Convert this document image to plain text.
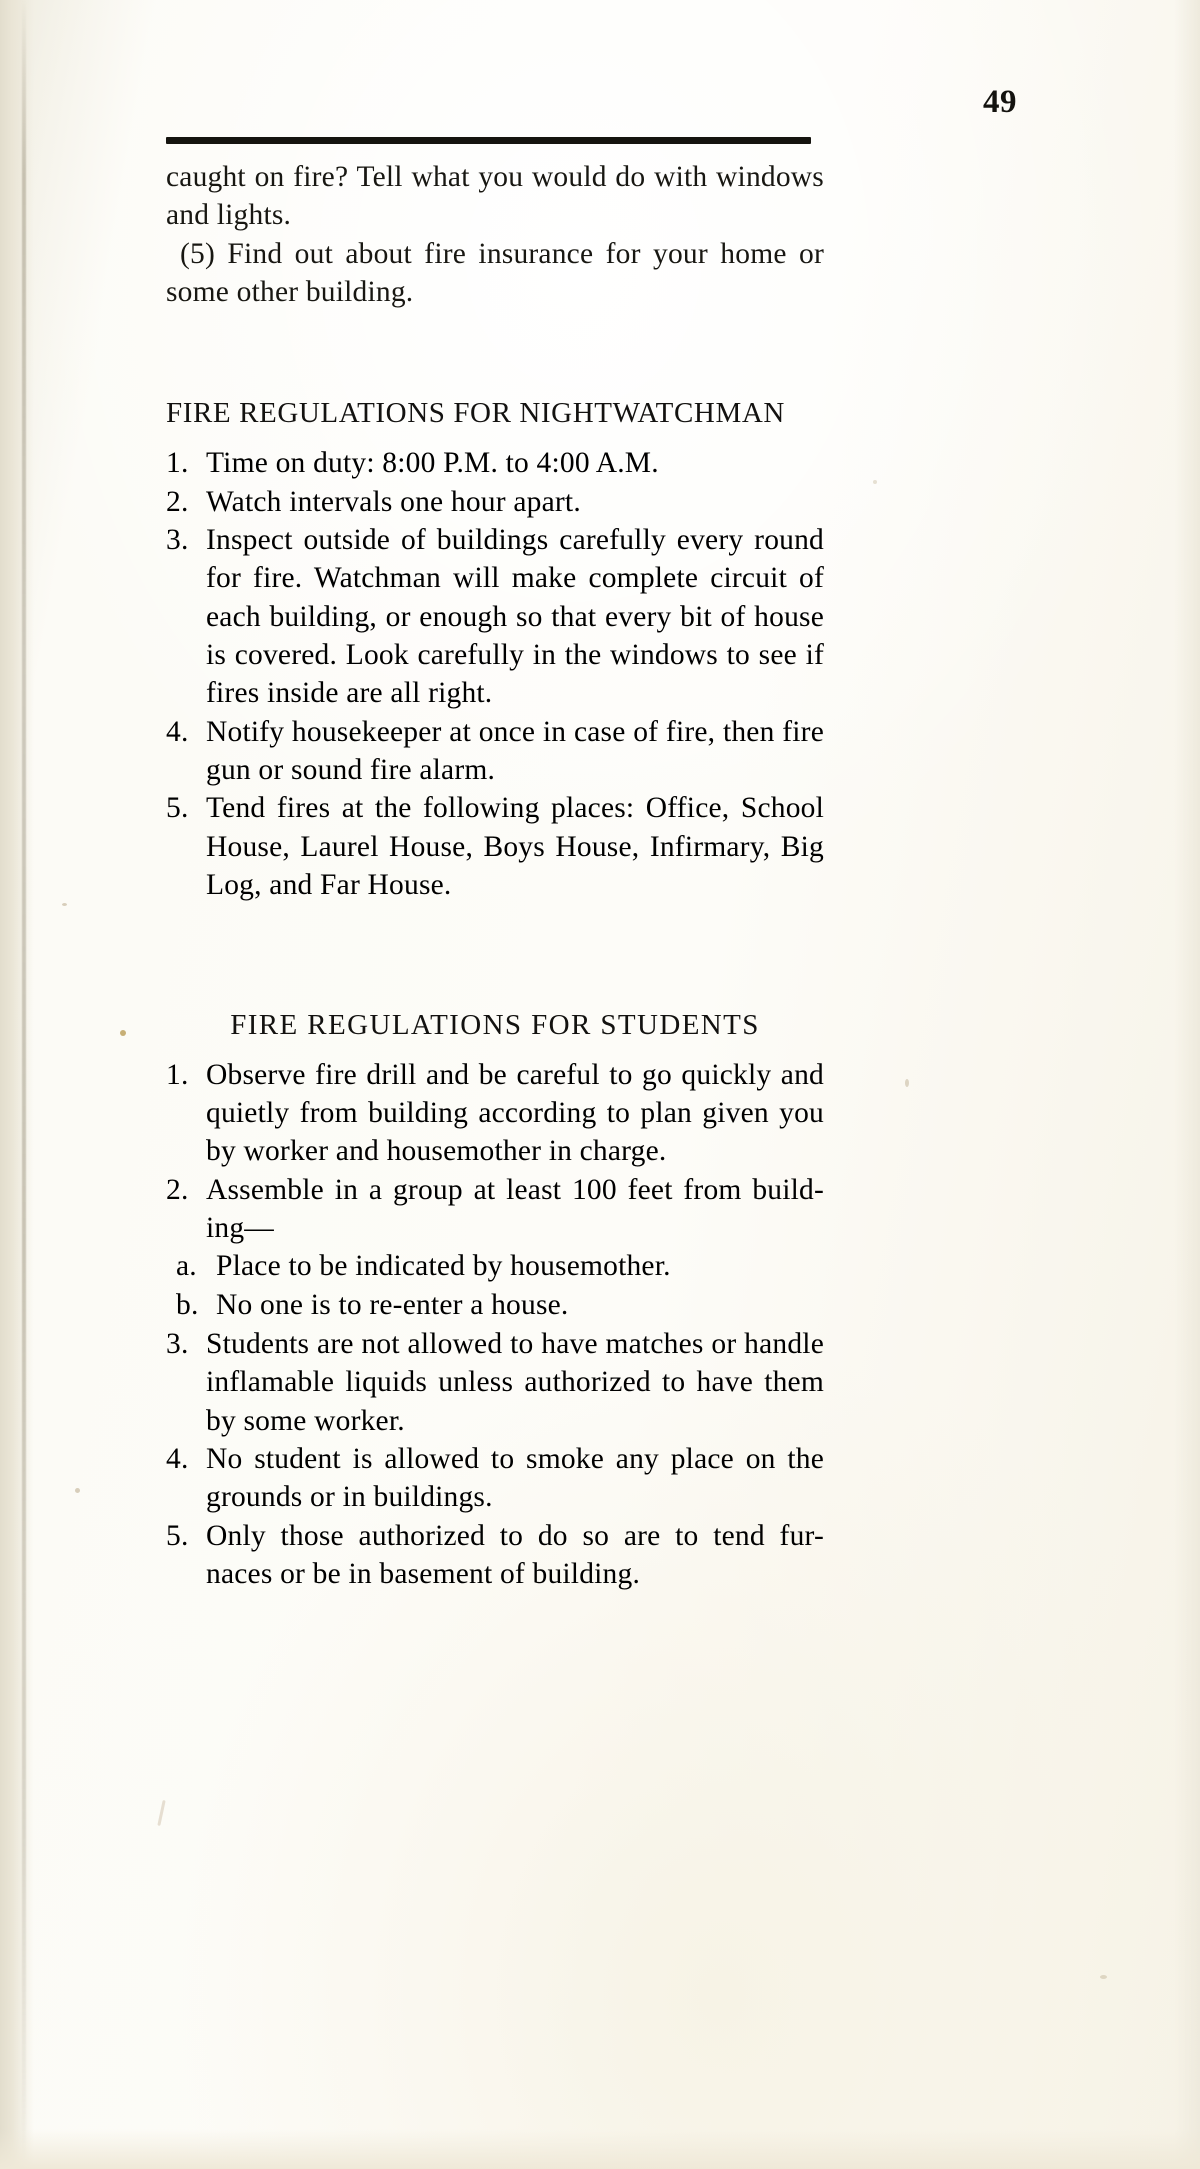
49

caught on fire? Tell what you would do with windows and lights.

(5) Find out about fire insurance for your home or some other building.

FIRE REGULATIONS FOR NIGHTWATCHMAN
1. Time on duty: 8:00 P.M. to 4:00 A.M.
2. Watch intervals one hour apart.
3. Inspect outside of buildings carefully every round for fire. Watchman will make complete circuit of each building, or enough so that every bit of house is covered. Look carefully in the windows to see if fires inside are all right.
4. Notify housekeeper at once in case of fire, then fire gun or sound fire alarm.
5. Tend fires at the following places: Office, School House, Laurel House, Boys House, Infirmary, Big Log, and Far House.
FIRE REGULATIONS FOR STUDENTS
1. Observe fire drill and be careful to go quickly and quietly from building according to plan given you by worker and housemother in charge.
2. Assemble in a group at least 100 feet from build-ing—
a. Place to be indicated by housemother.
b. No one is to re-enter a house.
3. Students are not allowed to have matches or handle inflamable liquids unless authorized to have them by some worker.
4. No student is allowed to smoke any place on the grounds or in buildings.
5. Only those authorized to do so are to tend fur-naces or be in basement of building.
